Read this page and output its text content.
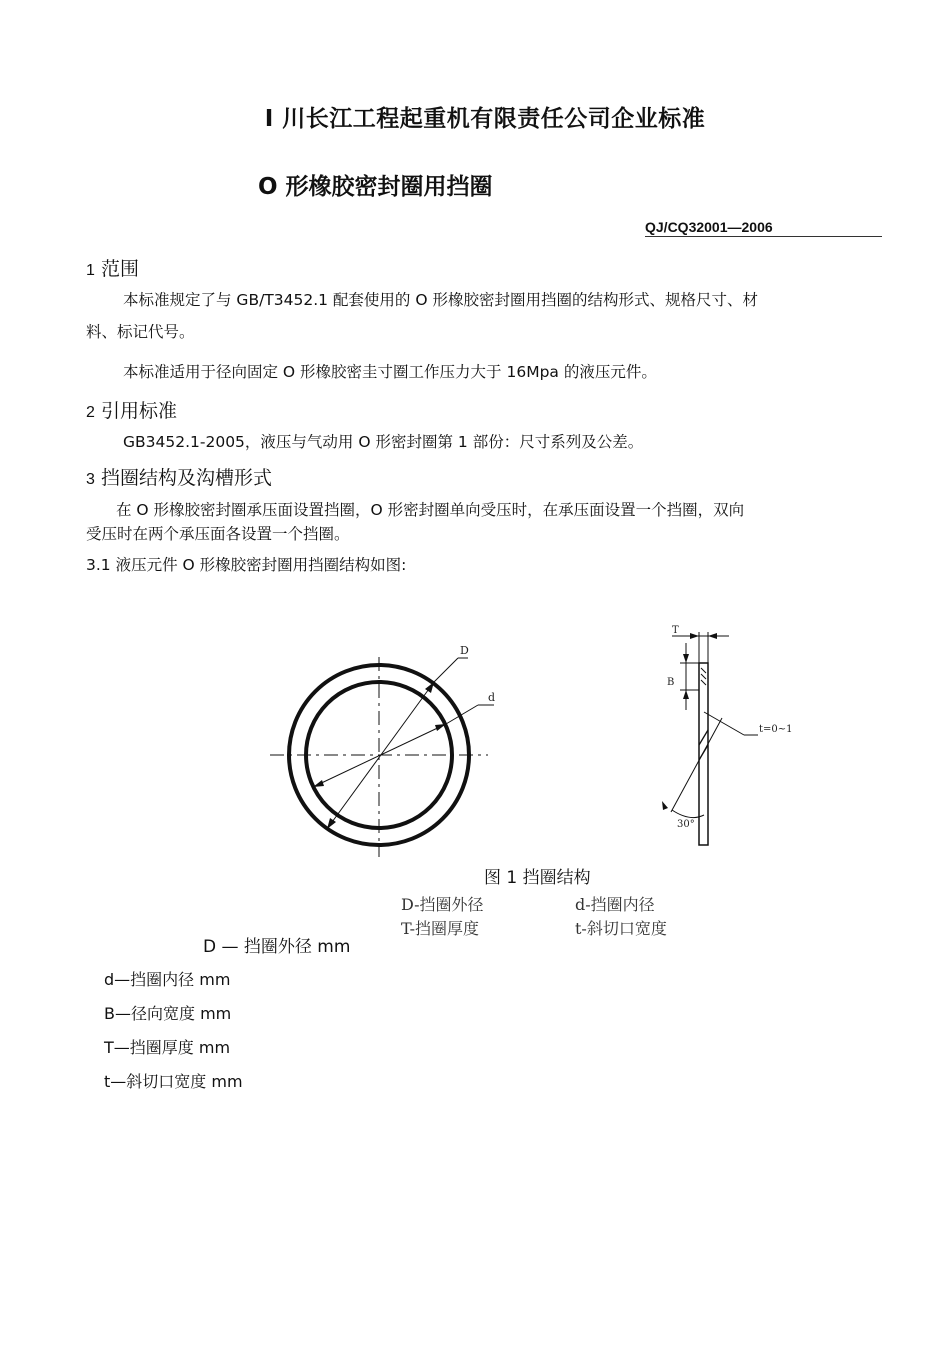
I 川长江工程起重机有限责任公司企业标准
O 形橡胶密封圈用挡圈
QJ/CQ32001—2006
1 范围
本标准规定了与 GB/T3452.1 配套使用的 O 形橡胶密封圈用挡圈的结构形式、规格尺寸、材
料、标记代号。
本标准适用于径向固定 O 形橡胶密圭寸圈工作压力大于 16Mpa 的液压元件。
2 引用标准
GB3452.1-2005，液压与气动用 O 形密封圈第 1 部份：尺寸系列及公差。
3 挡圈结构及沟槽形式
在 O 形橡胶密封圈承压面设置挡圈，O 形密封圈单向受压时，在承压面设置一个挡圈，双向
受压时在两个承压面各设置一个挡圈。
3.1 液压元件 O 形橡胶密封圈用挡圈结构如图:
D
d
T
B
t=0~1
30°
图 1 挡圈结构
D-挡圈外径	d-挡圈内径
T-挡圈厚度	t-斜切口宽度
D — 挡圈外径 mm
d—挡圈内径 mm
B—径向宽度 mm
T—挡圈厚度 mm
t—斜切口宽度 mm
